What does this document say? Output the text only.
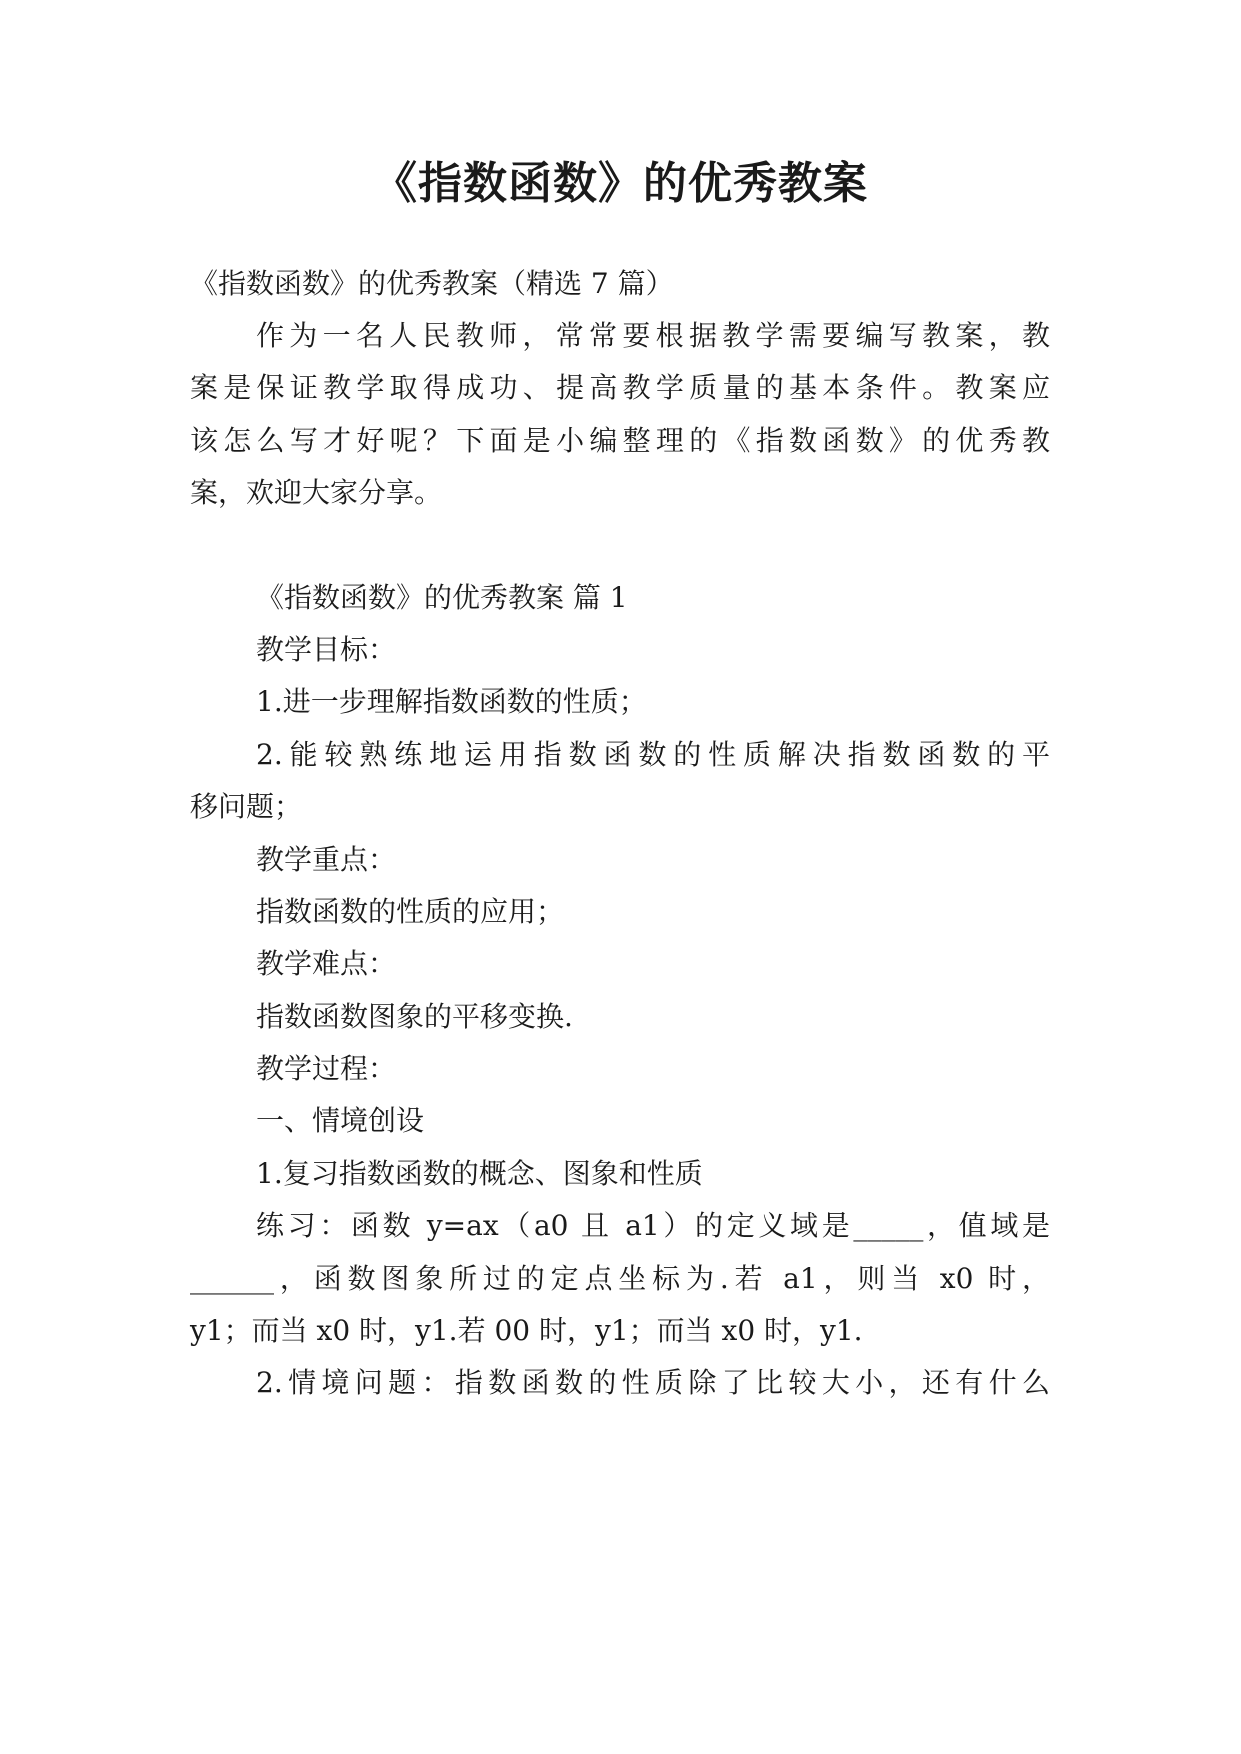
《指数函数》的优秀教案
《指数函数》的优秀教案（精选 7 篇）
作为一名人民教师，常常要根据教学需要编写教案，教
案是保证教学取得成功、提高教学质量的基本条件。教案应
该怎么写才好呢？下面是小编整理的《指数函数》的优秀教
案，欢迎大家分享。
《指数函数》的优秀教案 篇 1
教学目标：
1.进一步理解指数函数的性质；
2.能较熟练地运用指数函数的性质解决指数函数的平
移问题；
教学重点：
指数函数的性质的应用；
教学难点：
指数函数图象的平移变换.
教学过程：
一、情境创设
1.复习指数函数的概念、图象和性质
练习：函数 y=ax（a0 且 a1）的定义域是_____，值域是
______，函数图象所过的定点坐标为.若 a1，则当 x0 时，
y1；而当 x0 时，y1.若 00 时，y1；而当 x0 时，y1.
2.情境问题：指数函数的性质除了比较大小，还有什么
